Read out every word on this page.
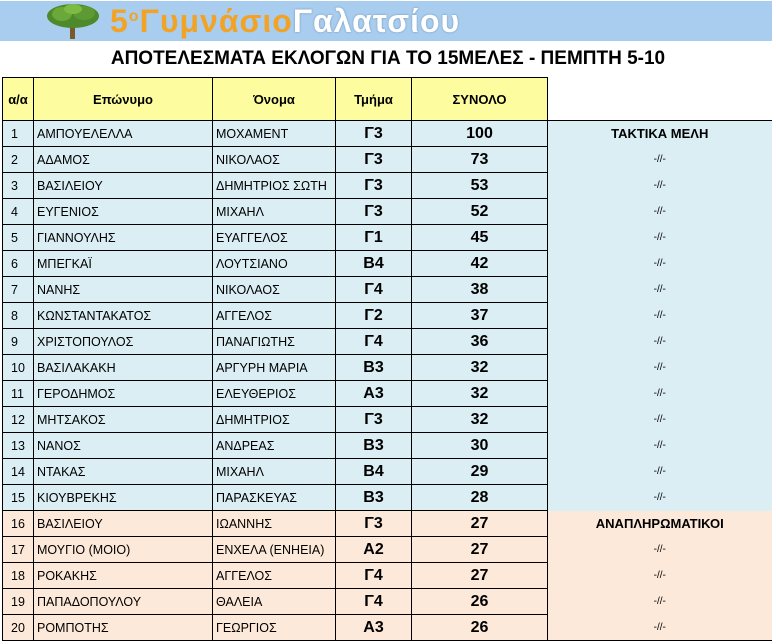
$5^o\Gamma\upsilon\mu\nu ά\sigma\iota o\Gamma\alpha\lambda\alpha\tau\sigma ίo\upsilon$
ΑΠΟΤΕΛΕΣΜΑΤΑ ΕΚΛΟΓΩΝ ΓΙΑ ΤΟ 15ΜΕΛΕΣ - ΠΕΜΠΤΗ 5-10
α/α	Επώνυμο	Όνομα	Τμήμα	ΣΥΝΟΛΟ	
1	ΑΜΠΟΥΕΛΕΛΛΑ	ΜΟΧΑΜΕΝΤ	Γ3	100	ΤΑΚΤΙΚΑ ΜΕΛΗ
2	ΑΔΑΜΟΣ	ΝΙΚΟΛΑΟΣ	Γ3	73	-//-
3	ΒΑΣΙΛΕΙΟΥ	ΔΗΜΗΤΡΙΟΣ ΣΩΤΗ	Γ3	53	-//-
4	ΕΥΓΕΝΙΟΣ	ΜΙΧΑΗΛ	Γ3	52	-//-
5	ΓΙΑΝΝΟΥΛΗΣ	ΕΥΑΓΓΕΛΟΣ	Γ1	45	-//-
6	ΜΠΕΓΚΑΪ	ΛΟΥΤΣΙΑΝΟ	Β4	42	-//-
7	ΝΑΝΗΣ	ΝΙΚΟΛΑΟΣ	Γ4	38	-//-
8	ΚΩΝΣΤΑΝΤΑΚΑΤΟΣ	ΑΓΓΕΛΟΣ	Γ2	37	-//-
9	ΧΡΙΣΤΟΠΟΥΛΟΣ	ΠΑΝΑΓΙΩΤΗΣ	Γ4	36	-//-
10	ΒΑΣΙΛΑΚΑΚΗ	ΑΡΓΥΡΗ ΜΑΡΙΑ	Β3	32	-//-
11	ΓΕΡΟΔΗΜΟΣ	ΕΛΕΥΘΕΡΙΟΣ	Α3	32	-//-
12	ΜΗΤΣΑΚΟΣ	ΔΗΜΗΤΡΙΟΣ	Γ3	32	-//-
13	ΝΑΝΟΣ	ΑΝΔΡΕΑΣ	Β3	30	-//-
14	ΝΤΑΚΑΣ	ΜΙΧΑΗΛ	Β4	29	-//-
15	ΚΙΟΥΒΡΕΚΗΣ	ΠΑΡΑΣΚΕΥΑΣ	Β3	28	-//-
16	ΒΑΣΙΛΕΙΟΥ	ΙΩΑΝΝΗΣ	Γ3	27	ΑΝΑΠΛΗΡΩΜΑΤΙΚΟΙ
17	ΜΟΥΓΙΟ (ΜΟΙΟ)	ΕΝΧΕΛΑ (ΕΝΗΕΙΑ)	Α2	27	-//-
18	ΡΟΚΑΚΗΣ	ΑΓΓΕΛΟΣ	Γ4	27	-//-
19	ΠΑΠΑΔΟΠΟΥΛΟΥ	ΘΑΛΕΙΑ	Γ4	26	-//-
20	ΡΟΜΠΟΤΗΣ	ΓΕΩΡΓΙΟΣ	Α3	26	-//-
